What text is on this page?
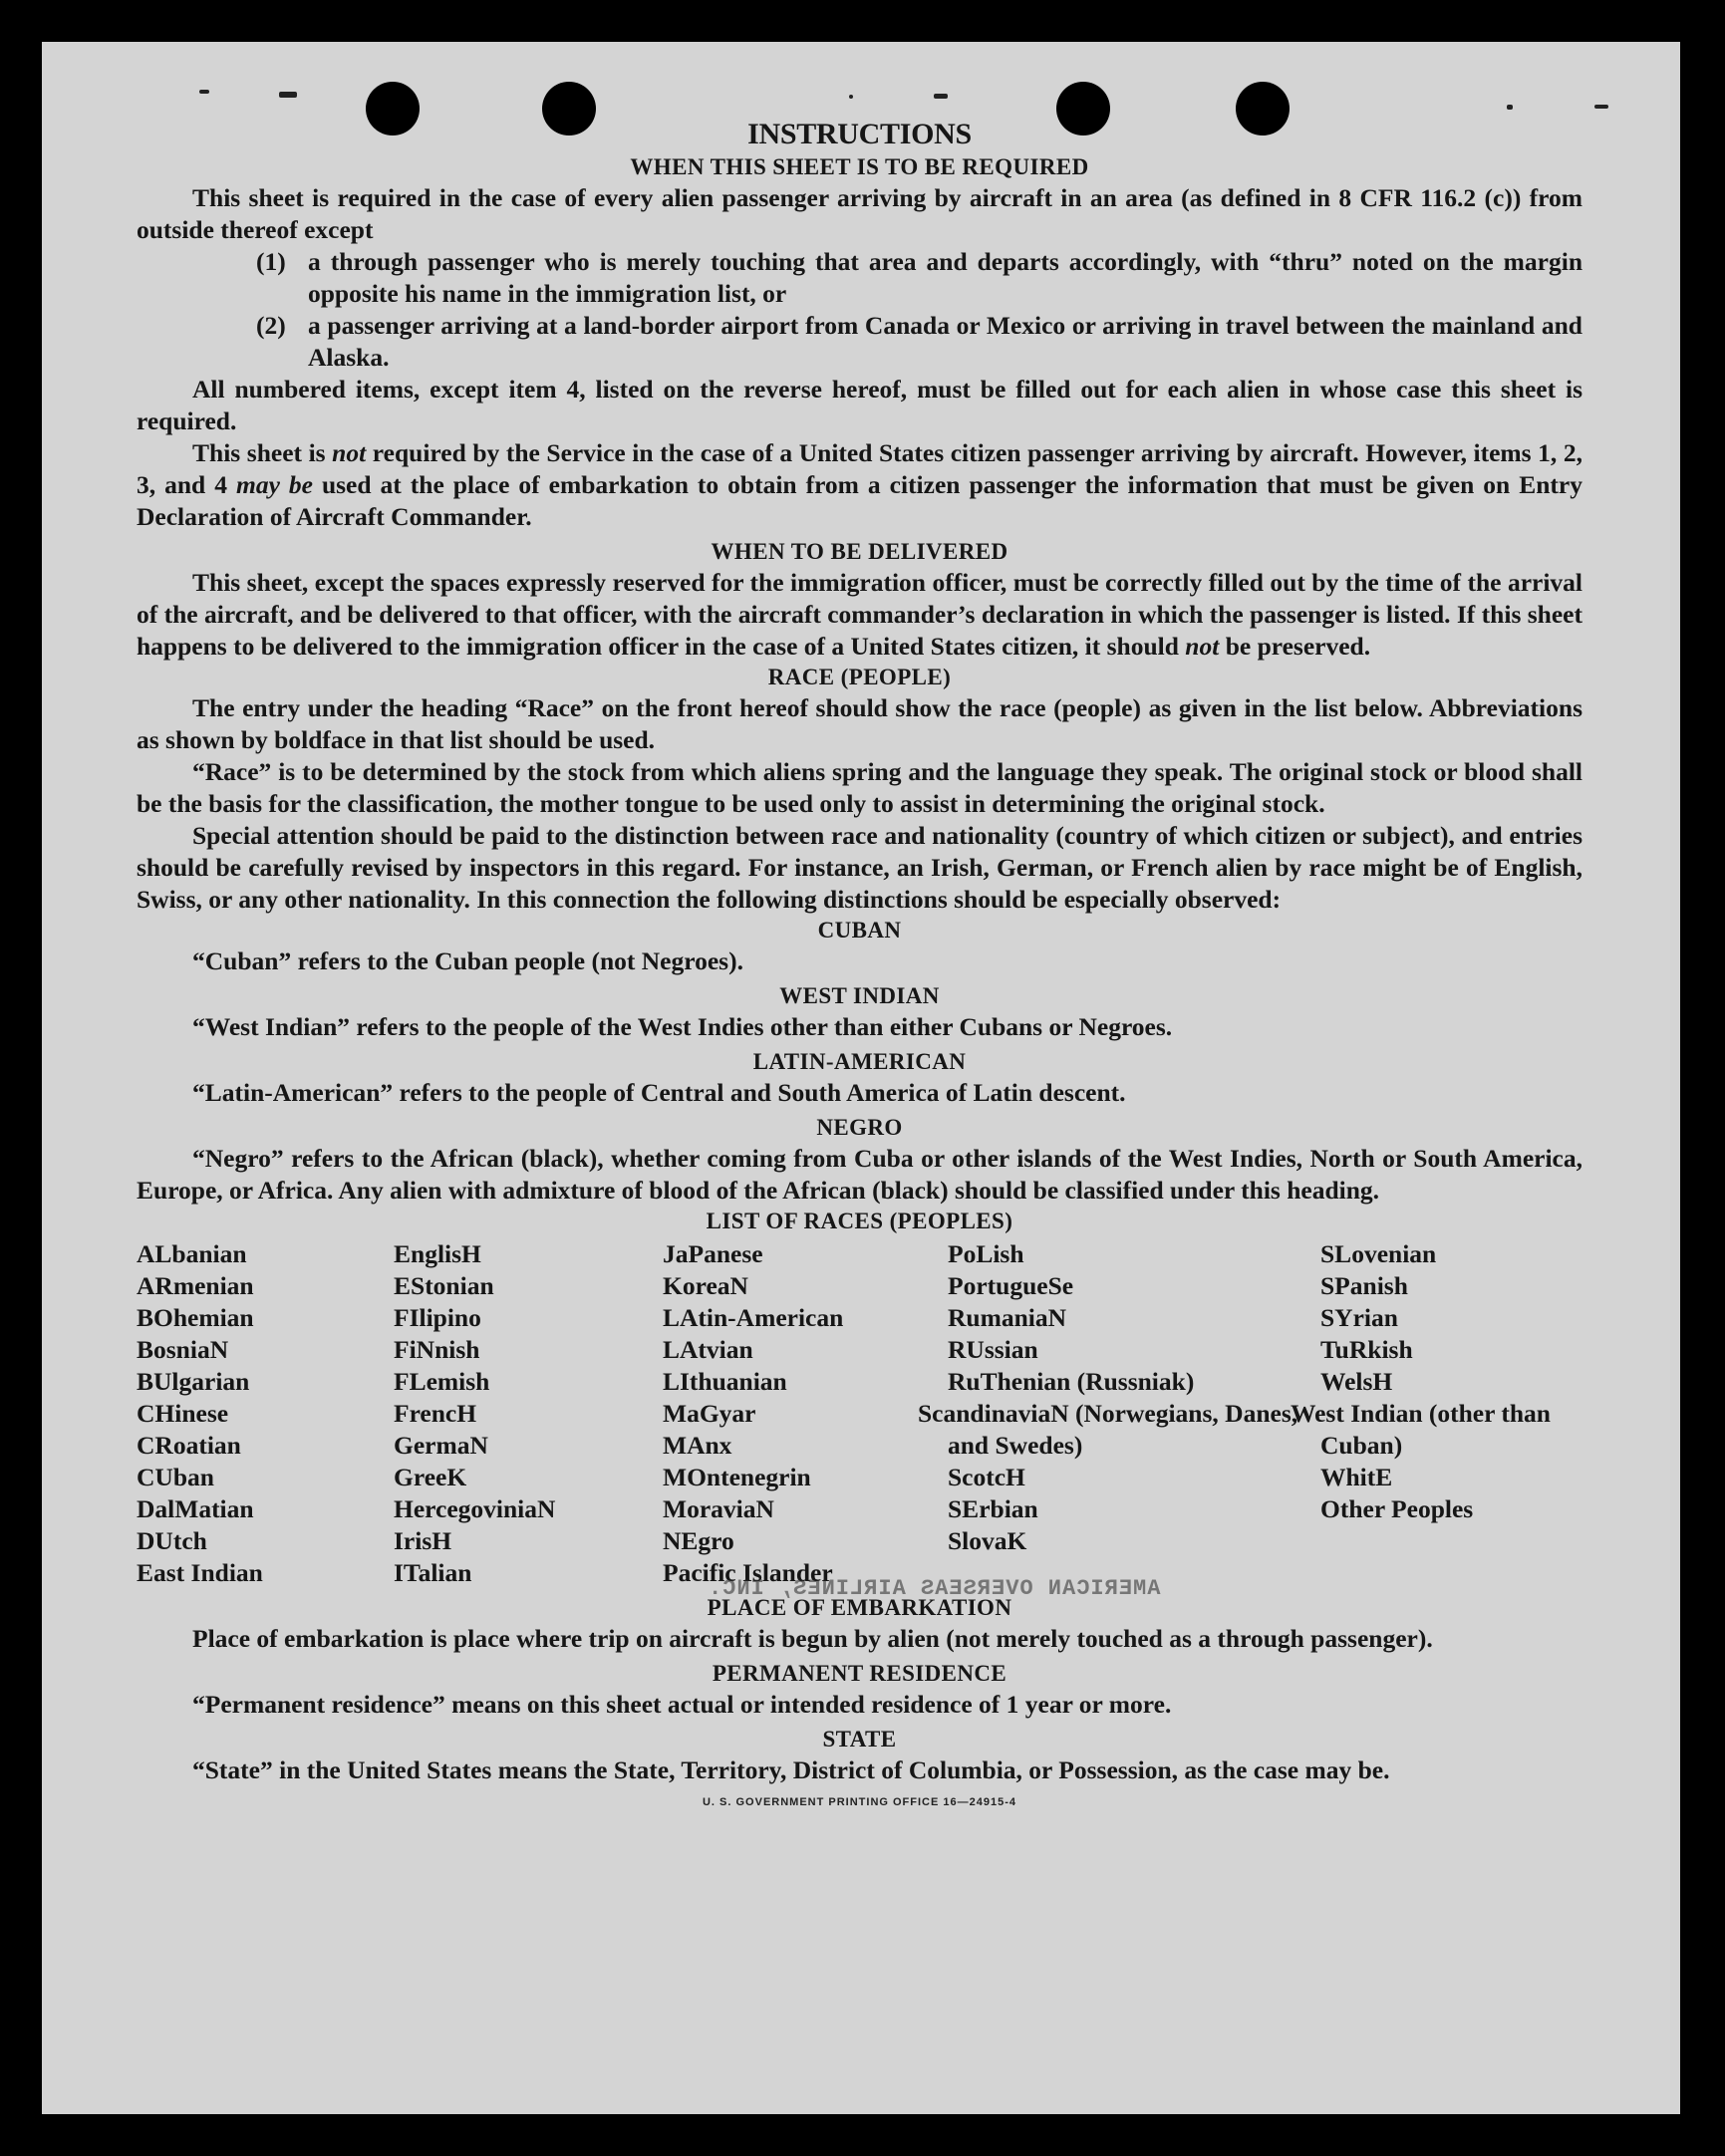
AMERICAN OVERSEAS AIRLINES, INC.
INSTRUCTIONS
WHEN THIS SHEET IS TO BE REQUIRED

This sheet is required in the case of every alien passenger arriving by aircraft in an area (as defined in 8 CFR 116.2 (c)) from outside thereof except

(1) a through passenger who is merely touching that area and departs accordingly, with “thru” noted on the margin opposite his name in the immigration list, or
(2) a passenger arriving at a land-border airport from Canada or Mexico or arriving in travel between the mainland and Alaska.

All numbered items, except item 4, listed on the reverse hereof, must be filled out for each alien in whose case this sheet is required.

This sheet is not required by the Service in the case of a United States citizen passenger arriving by aircraft. However, items 1, 2, 3, and 4 may be used at the place of embarkation to obtain from a citizen passenger the information that must be given on Entry Declaration of Aircraft Commander.

WHEN TO BE DELIVERED

This sheet, except the spaces expressly reserved for the immigration officer, must be correctly filled out by the time of the arrival of the aircraft, and be delivered to that officer, with the aircraft commander’s declaration in which the passenger is listed. If this sheet happens to be delivered to the immigration officer in the case of a United States citizen, it should not be preserved.

RACE (PEOPLE)

The entry under the heading “Race” on the front hereof should show the race (people) as given in the list below. Abbreviations as shown by boldface in that list should be used.

“Race” is to be determined by the stock from which aliens spring and the language they speak. The original stock or blood shall be the basis for the classification, the mother tongue to be used only to assist in determining the original stock.

Special attention should be paid to the distinction between race and nationality (country of which citizen or subject), and entries should be carefully revised by inspectors in this regard. For instance, an Irish, German, or French alien by race might be of English, Swiss, or any other nationality. In this connection the following distinctions should be especially observed:

CUBAN

“Cuban” refers to the Cuban people (not Negroes).

WEST INDIAN

“West Indian” refers to the people of the West Indies other than either Cubans or Negroes.

LATIN-AMERICAN

“Latin-American” refers to the people of Central and South America of Latin descent.

NEGRO

“Negro” refers to the African (black), whether coming from Cuba or other islands of the West Indies, North or South America, Europe, or Africa. Any alien with admixture of blood of the African (black) should be classified under this heading.

LIST OF RACES (PEOPLES)
ALbanian
ARmenian
BOhemian
BosniaN
BUlgarian
CHinese
CRoatian
CUban
DalMatian
DUtch
East Indian
EnglisH
EStonian
FIlipino
FiNnish
FLemish
FrencH
GermaN
GreeK
HercegoviniaN
IrisH
ITalian
JaPanese
KoreaN
LAtin-American
LAtvian
LIthuanian
MaGyar
MAnx
MOntenegrin
MoraviaN
NEgro
Pacific Islander
PoLish
PortugueSe
RumaniaN
RUssian
RuThenian (Russniak)
ScandinaviaN (Norwegians, Danes, and Swedes)
ScotcH
SErbian
SlovaK
SLovenian
SPanish
SYrian
TuRkish
WelsH
West Indian (other than Cuban)
WhitE
Other Peoples
PLACE OF EMBARKATION

Place of embarkation is place where trip on aircraft is begun by alien (not merely touched as a through passenger).

PERMANENT RESIDENCE

“Permanent residence” means on this sheet actual or intended residence of 1 year or more.

STATE

“State” in the United States means the State, Territory, District of Columbia, or Possession, as the case may be.

U. S. GOVERNMENT PRINTING OFFICE 16—24915-4
